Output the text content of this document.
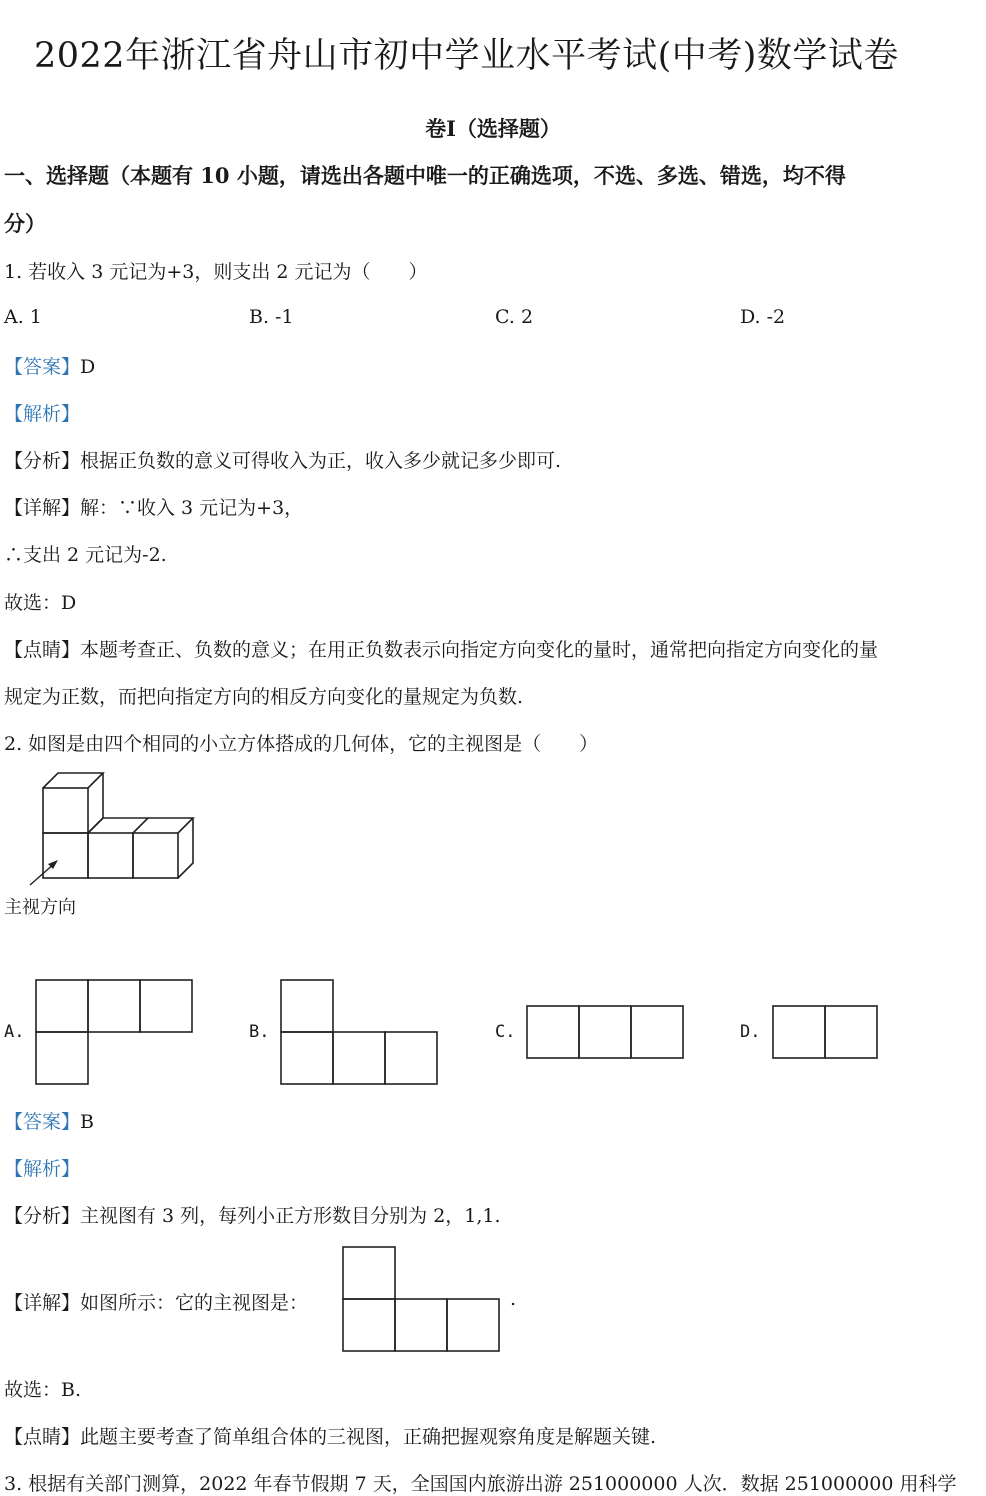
2022年浙江省舟山市初中学业水平考试(中考)数学试卷
卷Ⅰ（选择题）
一、选择题（本题有 10 小题，请选出各题中唯一的正确选项，不选、多选、错选，均不得
分）
1. 若收入 3 元记为+3，则支出 2 元记为（　　）
A. 1	B. -1	C. 2	D. -2
【答案】D
【解析】
【分析】根据正负数的意义可得收入为正，收入多少就记多少即可.
【详解】解：∵收入 3 元记为+3，
∴支出 2 元记为-2.
故选：D
【点睛】本题考查正、负数的意义；在用正负数表示向指定方向变化的量时，通常把向指定方向变化的量
规定为正数，而把向指定方向的相反方向变化的量规定为负数.
2. 如图是由四个相同的小立方体搭成的几何体，它的主视图是（　　）
主视方向
A.	B.	C.	D.
【答案】B
【解析】
【分析】主视图有 3 列，每列小正方形数目分别为 2，1,1.
【详解】如图所示：它的主视图是：	.
故选：B.
【点睛】此题主要考查了简单组合体的三视图，正确把握观察角度是解题关键.
3. 根据有关部门测算，2022 年春节假期 7 天，全国国内旅游出游 251000000 人次．数据 251000000 用科学
